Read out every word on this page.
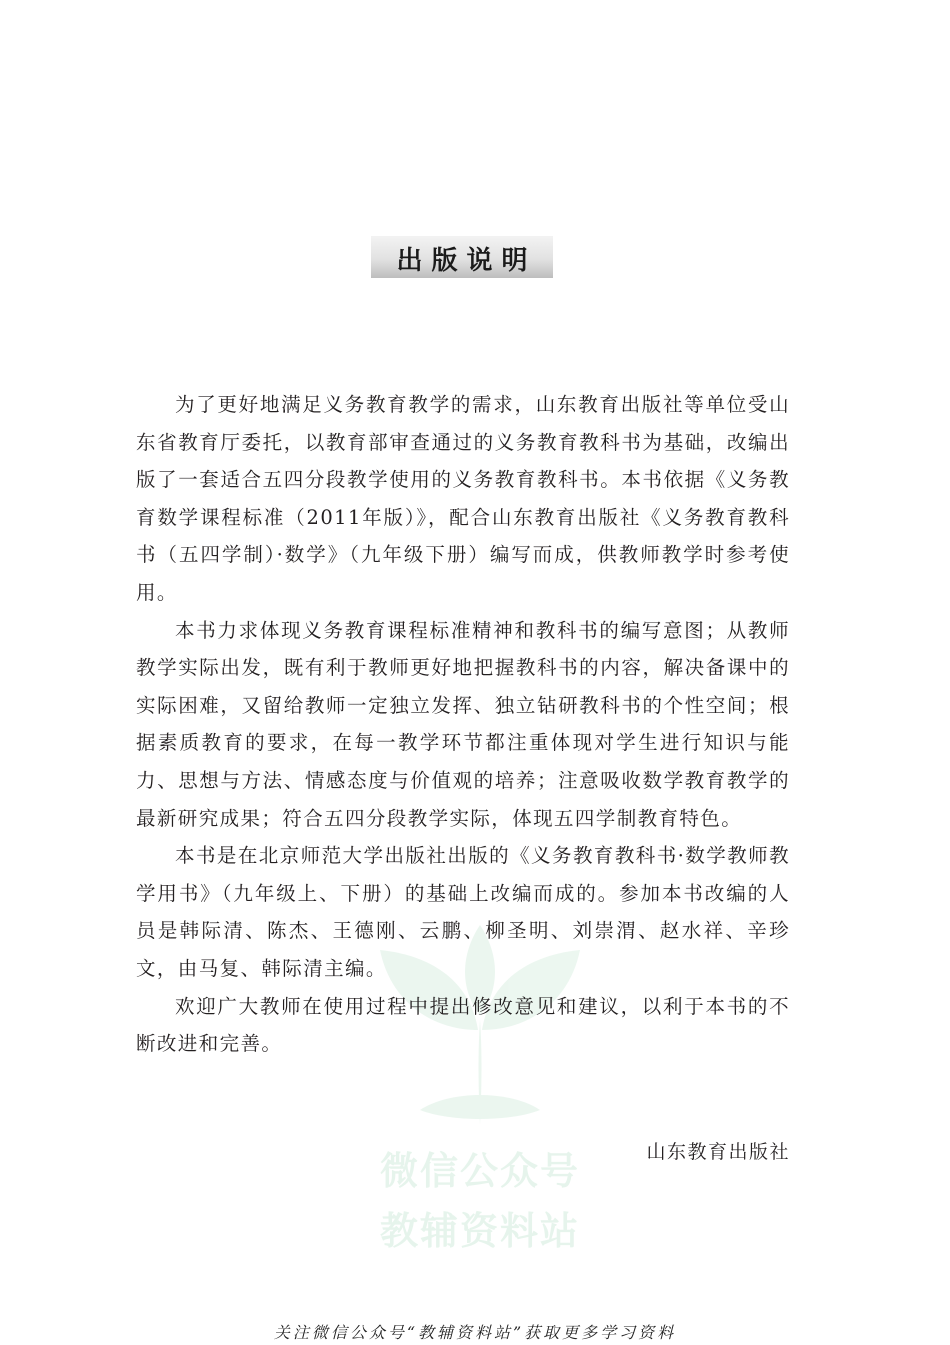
微信公众号
教辅资料站
出版说明

为了更好地满足义务教育教学的需求，山东教育出版社等单位受山东省教育厅委托，以教育部审查通过的义务教育教科书为基础，改编出版了一套适合五四分段教学使用的义务教育教科书。本书依据《义务教育数学课程标准（2011年版）》，配合山东教育出版社《义务教育教科书（五四学制）·数学》（九年级下册）编写而成，供教师教学时参考使用。

本书力求体现义务教育课程标准精神和教科书的编写意图；从教师教学实际出发，既有利于教师更好地把握教科书的内容，解决备课中的实际困难，又留给教师一定独立发挥、独立钻研教科书的个性空间；根据素质教育的要求，在每一教学环节都注重体现对学生进行知识与能力、思想与方法、情感态度与价值观的培养；注意吸收数学教育教学的最新研究成果；符合五四分段教学实际，体现五四学制教育特色。

本书是在北京师范大学出版社出版的《义务教育教科书·数学教师教学用书》（九年级上、下册）的基础上改编而成的。参加本书改编的人员是韩际清、陈杰、王德刚、云鹏、柳圣明、刘崇渭、赵水祥、辛珍文，由马复、韩际清主编。

欢迎广大教师在使用过程中提出修改意见和建议，以利于本书的不断改进和完善。

山东教育出版社
关注微信公众号“教辅资料站”获取更多学习资料
